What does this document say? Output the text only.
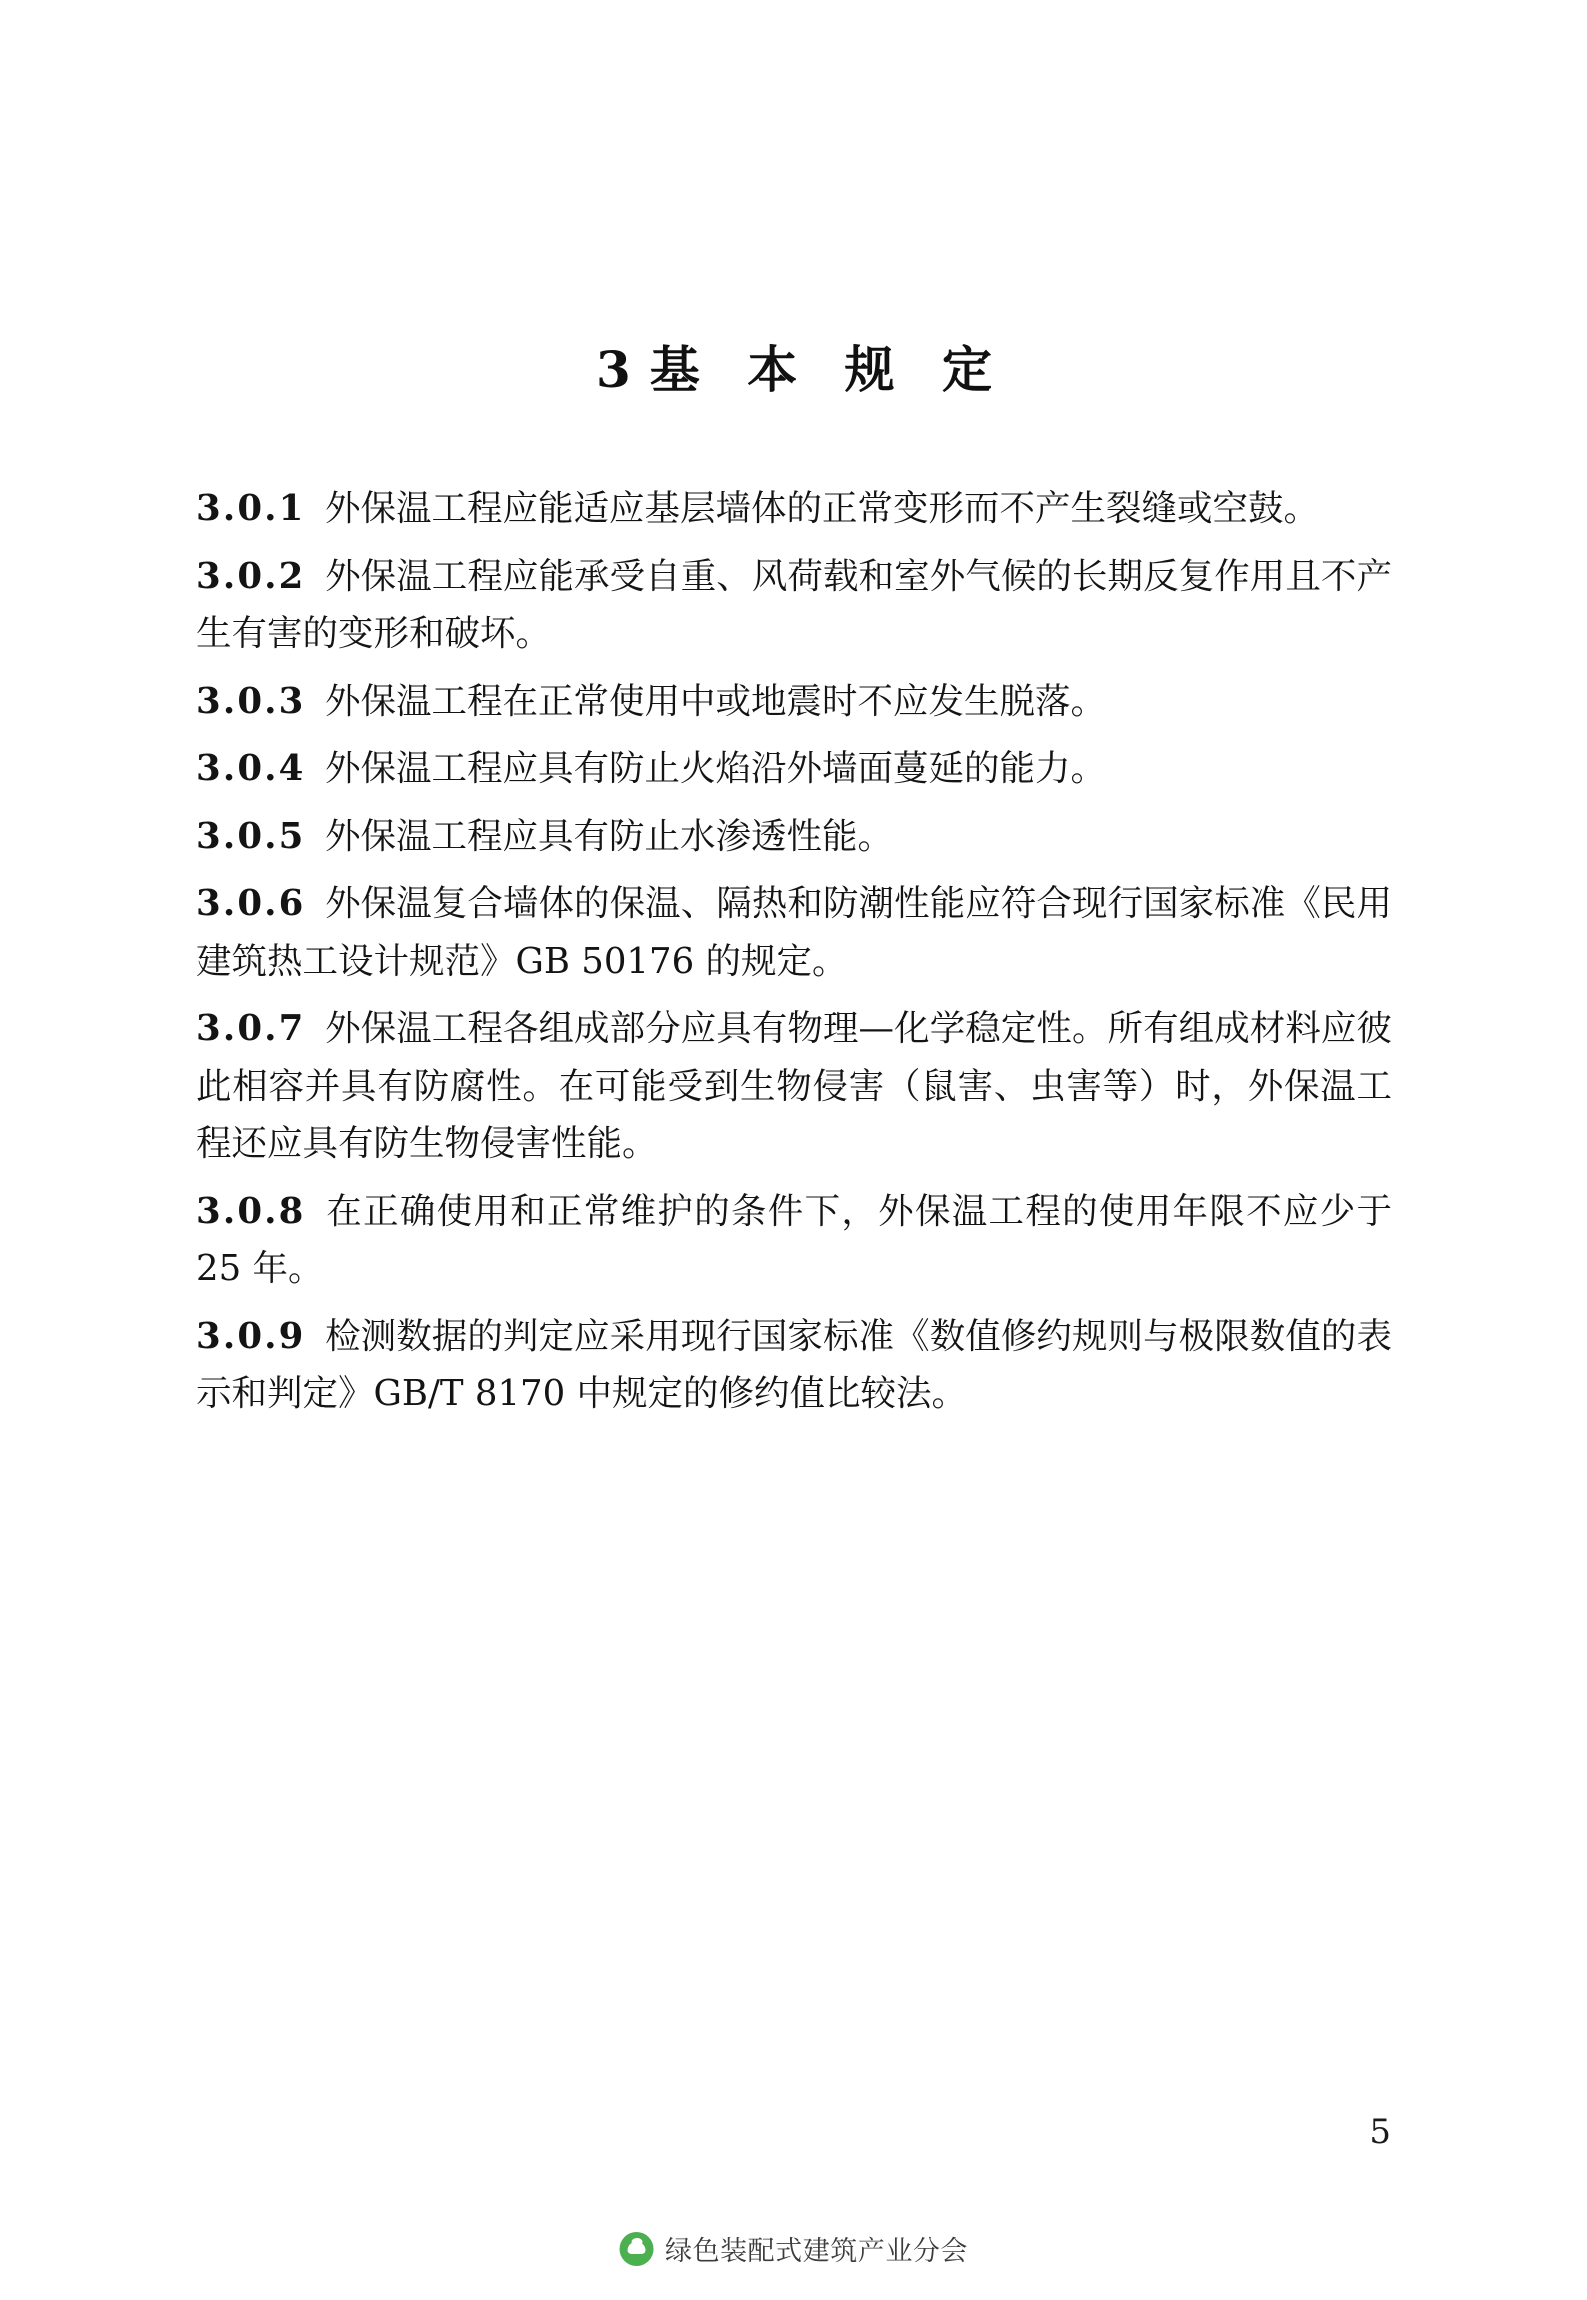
3 基 本 规 定

3.0.1 外保温工程应能适应基层墙体的正常变形而不产生裂缝或空鼓。

3.0.2 外保温工程应能承受自重、风荷载和室外气候的长期反复作用且不产生有害的变形和破坏。

3.0.3 外保温工程在正常使用中或地震时不应发生脱落。

3.0.4 外保温工程应具有防止火焰沿外墙面蔓延的能力。

3.0.5 外保温工程应具有防止水渗透性能。

3.0.6 外保温复合墙体的保温、隔热和防潮性能应符合现行国家标准《民用建筑热工设计规范》GB 50176 的规定。

3.0.7 外保温工程各组成部分应具有物理—化学稳定性。所有组成材料应彼此相容并具有防腐性。在可能受到生物侵害（鼠害、虫害等）时，外保温工程还应具有防生物侵害性能。

3.0.8 在正确使用和正常维护的条件下，外保温工程的使用年限不应少于 25 年。

3.0.9 检测数据的判定应采用现行国家标准《数值修约规则与极限数值的表示和判定》GB/T 8170 中规定的修约值比较法。

5
绿色装配式建筑产业分会
